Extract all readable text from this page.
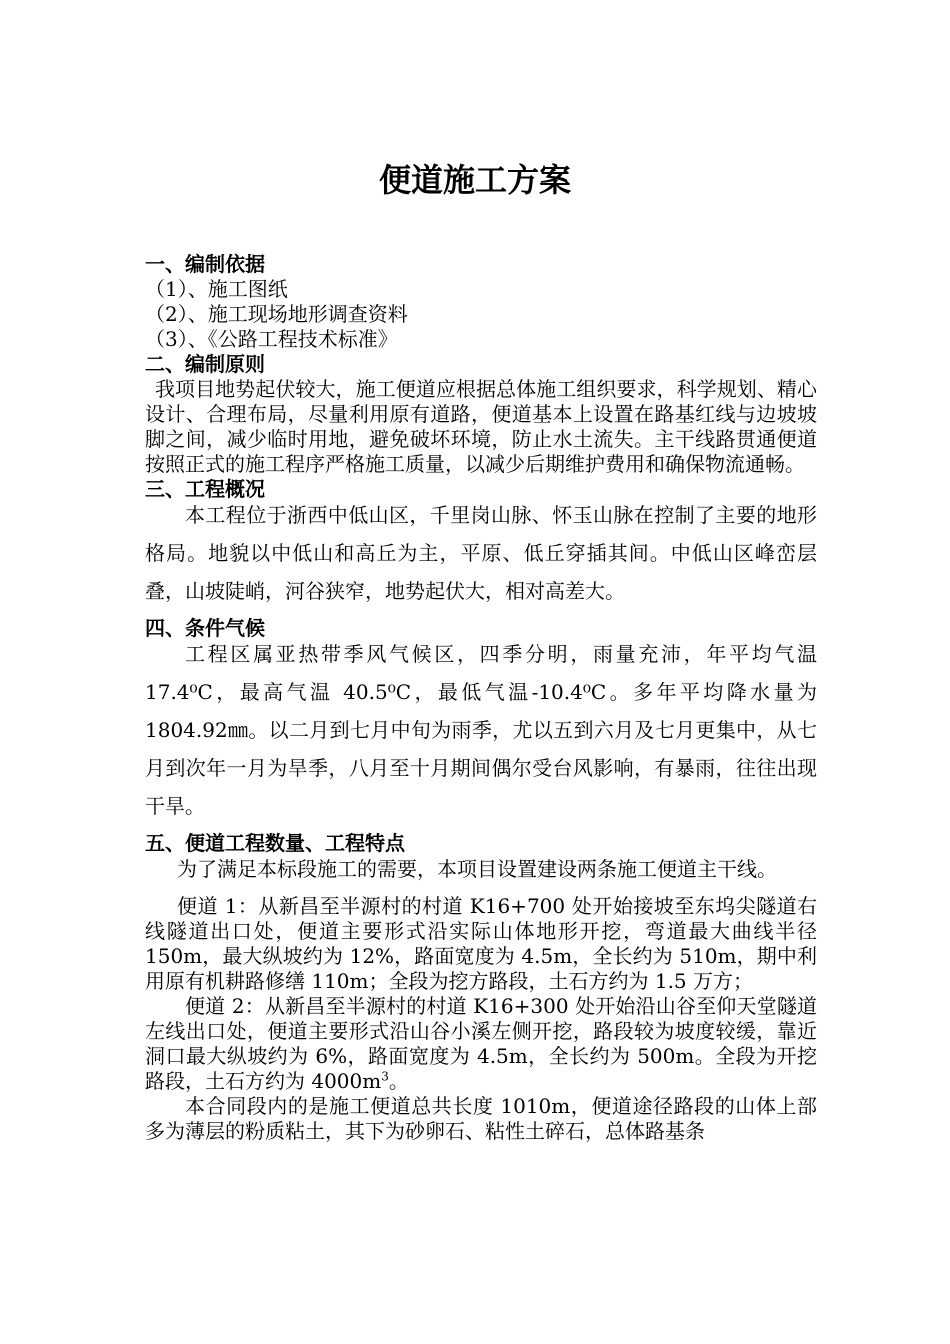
便道施工方案

一、编制依据

（1）、施工图纸

（2）、施工现场地形调查资料

（3）、《公路工程技术标准》

二、编制原则

我项目地势起伏较大，施工便道应根据总体施工组织要求，科学规划、精心设计、合理布局，尽量利用原有道路，便道基本上设置在路基红线与边坡坡脚之间，减少临时用地，避免破坏环境，防止水土流失。主干线路贯通便道按照正式的施工程序严格施工质量，以减少后期维护费用和确保物流通畅。

三、工程概况

本工程位于浙西中低山区，千里岗山脉、怀玉山脉在控制了主要的地形格局。地貌以中低山和高丘为主，平原、低丘穿插其间。中低山区峰峦层叠，山坡陡峭，河谷狭窄，地势起伏大，相对高差大。

四、条件气候

工程区属亚热带季风气候区，四季分明，雨量充沛，年平均气温17.4⁰C，最高气温 40.5⁰C，最低气温-10.4⁰C。多年平均降水量为1804.92㎜。以二月到七月中旬为雨季，尤以五到六月及七月更集中，从七月到次年一月为旱季，八月至十月期间偶尔受台风影响，有暴雨，往往出现干旱。

五、便道工程数量、工程特点

为了满足本标段施工的需要，本项目设置建设两条施工便道主干线。

便道 1：从新昌至半源村的村道 K16+700 处开始接坡至东坞尖隧道右线隧道出口处，便道主要形式沿实际山体地形开挖，弯道最大曲线半径 150m，最大纵坡约为 12%，路面宽度为 4.5m，全长约为 510m，期中利用原有机耕路修缮 110m；全段为挖方路段，土石方约为 1.5 万方；

便道 2：从新昌至半源村的村道 K16+300 处开始沿山谷至仰天堂隧道左线出口处，便道主要形式沿山谷小溪左侧开挖，路段较为坡度较缓，靠近洞口最大纵坡约为 6%，路面宽度为 4.5m，全长约为 500m。全段为开挖路段，土石方约为 $4000m^3$。

本合同段内的是施工便道总共长度 1010m，便道途径路段的山体上部多为薄层的粉质粘土，其下为砂卵石、粘性土碎石，总体路基条
